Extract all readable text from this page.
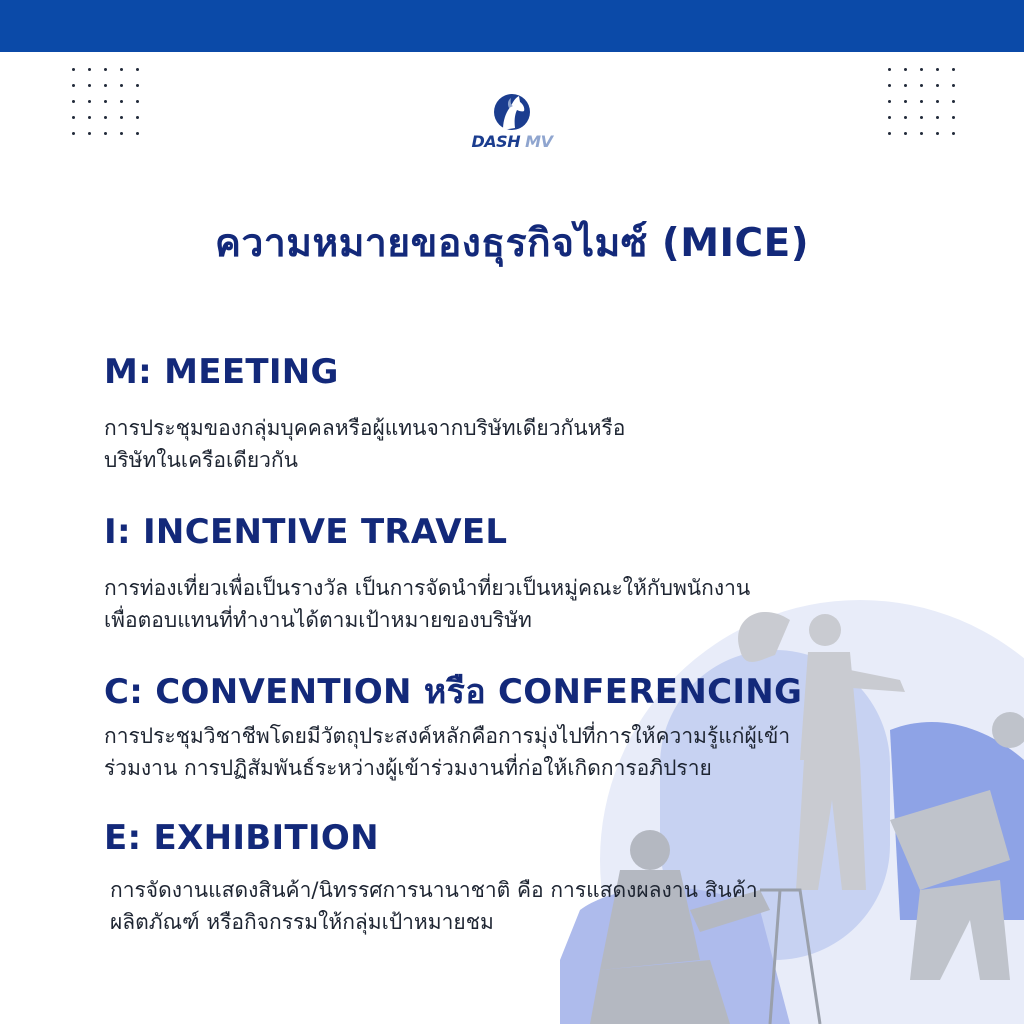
DASH MV
ความหมายของธุรกิจไมซ์ (MICE)
M: MEETING

การประชุมของกลุ่มบุคคลหรือผู้แทนจากบริษัทเดียวกันหรือ
บริษัทในเครือเดียวกัน

I: INCENTIVE TRAVEL

การท่องเที่ยวเพื่อเป็นรางวัล เป็นการจัดนำที่ยวเป็นหมู่คณะให้กับพนักงาน
เพื่อตอบแทนที่ทำงานได้ตามเป้าหมายของบริษัท

C: CONVENTION หรือ CONFERENCING

การประชุมวิชาชีพโดยมีวัตถุประสงค์หลักคือการมุ่งไปที่การให้ความรู้แก่ผู้เข้า
ร่วมงาน การปฏิสัมพันธ์ระหว่างผู้เข้าร่วมงานที่ก่อให้เกิดการอภิปราย

E: EXHIBITION

การจัดงานแสดงสินค้า/นิทรรศการนานาชาติ คือ การแสดงผลงาน สินค้า
ผลิตภัณฑ์ หรือกิจกรรมให้กลุ่มเป้าหมายชม
